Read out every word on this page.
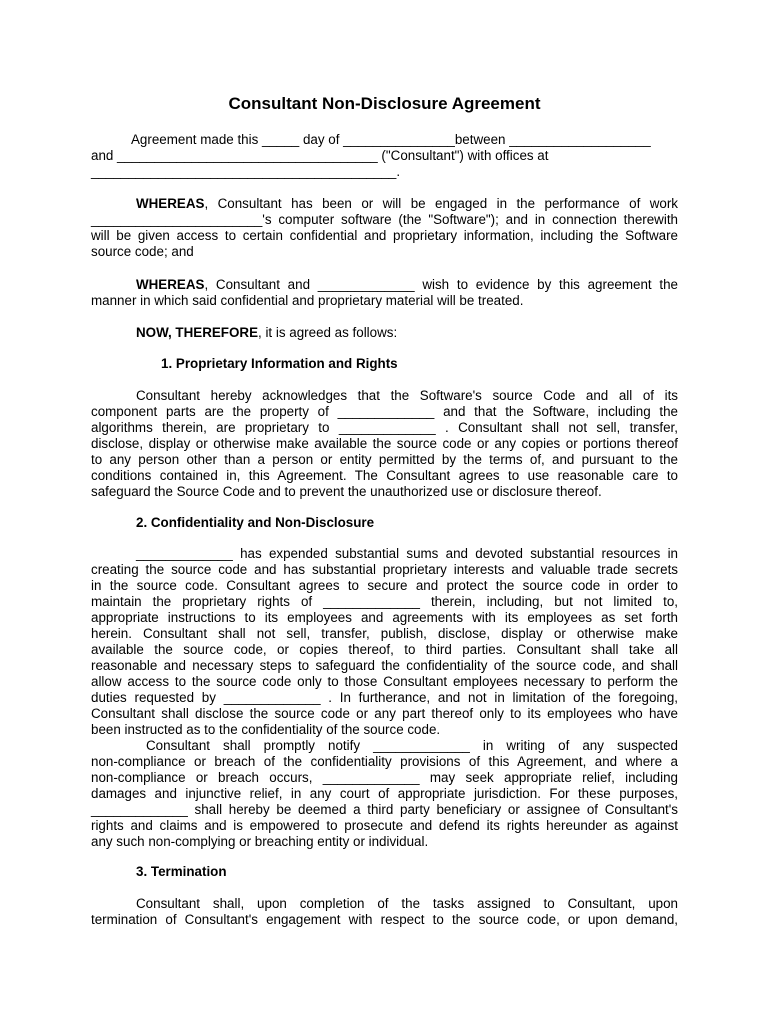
Consultant Non-Disclosure Agreement
Agreement made this _____ day of _______________between ___________________
and ___________________________________ ("Consultant") with offices at
_________________________________________.
WHEREAS, Consultant has been or will be engaged in the performance of work
_______________________'s computer software (the "Software"); and in connection therewith
will be given access to certain confidential and proprietary information, including the Software
source code; and
WHEREAS, Consultant and _____________ wish to evidence by this agreement the
manner in which said confidential and proprietary material will be treated.
NOW, THEREFORE, it is agreed as follows:
1. Proprietary Information and Rights
Consultant hereby acknowledges that the Software's source Code and all of its
component parts are the property of _____________ and that the Software, including the
algorithms therein, are proprietary to _____________ . Consultant shall not sell, transfer,
disclose, display or otherwise make available the source code or any copies or portions thereof
to any person other than a person or entity permitted by the terms of, and pursuant to the
conditions contained in, this Agreement. The Consultant agrees to use reasonable care to
safeguard the Source Code and to prevent the unauthorized use or disclosure thereof.
2. Confidentiality and Non-Disclosure
_____________ has expended substantial sums and devoted substantial resources in
creating the source code and has substantial proprietary interests and valuable trade secrets
in the source code. Consultant agrees to secure and protect the source code in order to
maintain the proprietary rights of _____________ therein, including, but not limited to,
appropriate instructions to its employees and agreements with its employees as set forth
herein. Consultant shall not sell, transfer, publish, disclose, display or otherwise make
available the source code, or copies thereof, to third parties. Consultant shall take all
reasonable and necessary steps to safeguard the confidentiality of the source code, and shall
allow access to the source code only to those Consultant employees necessary to perform the
duties requested by _____________ . In furtherance, and not in limitation of the foregoing,
Consultant shall disclose the source code or any part thereof only to its employees who have
been instructed as to the confidentiality of the source code.
Consultant shall promptly notify _____________ in writing of any suspected
non-compliance or breach of the confidentiality provisions of this Agreement, and where a
non-compliance or breach occurs, _____________ may seek appropriate relief, including
damages and injunctive relief, in any court of appropriate jurisdiction. For these purposes,
_____________ shall hereby be deemed a third party beneficiary or assignee of Consultant's
rights and claims and is empowered to prosecute and defend its rights hereunder as against
any such non-complying or breaching entity or individual.
3. Termination
Consultant shall, upon completion of the tasks assigned to Consultant, upon
termination of Consultant's engagement with respect to the source code, or upon demand,
